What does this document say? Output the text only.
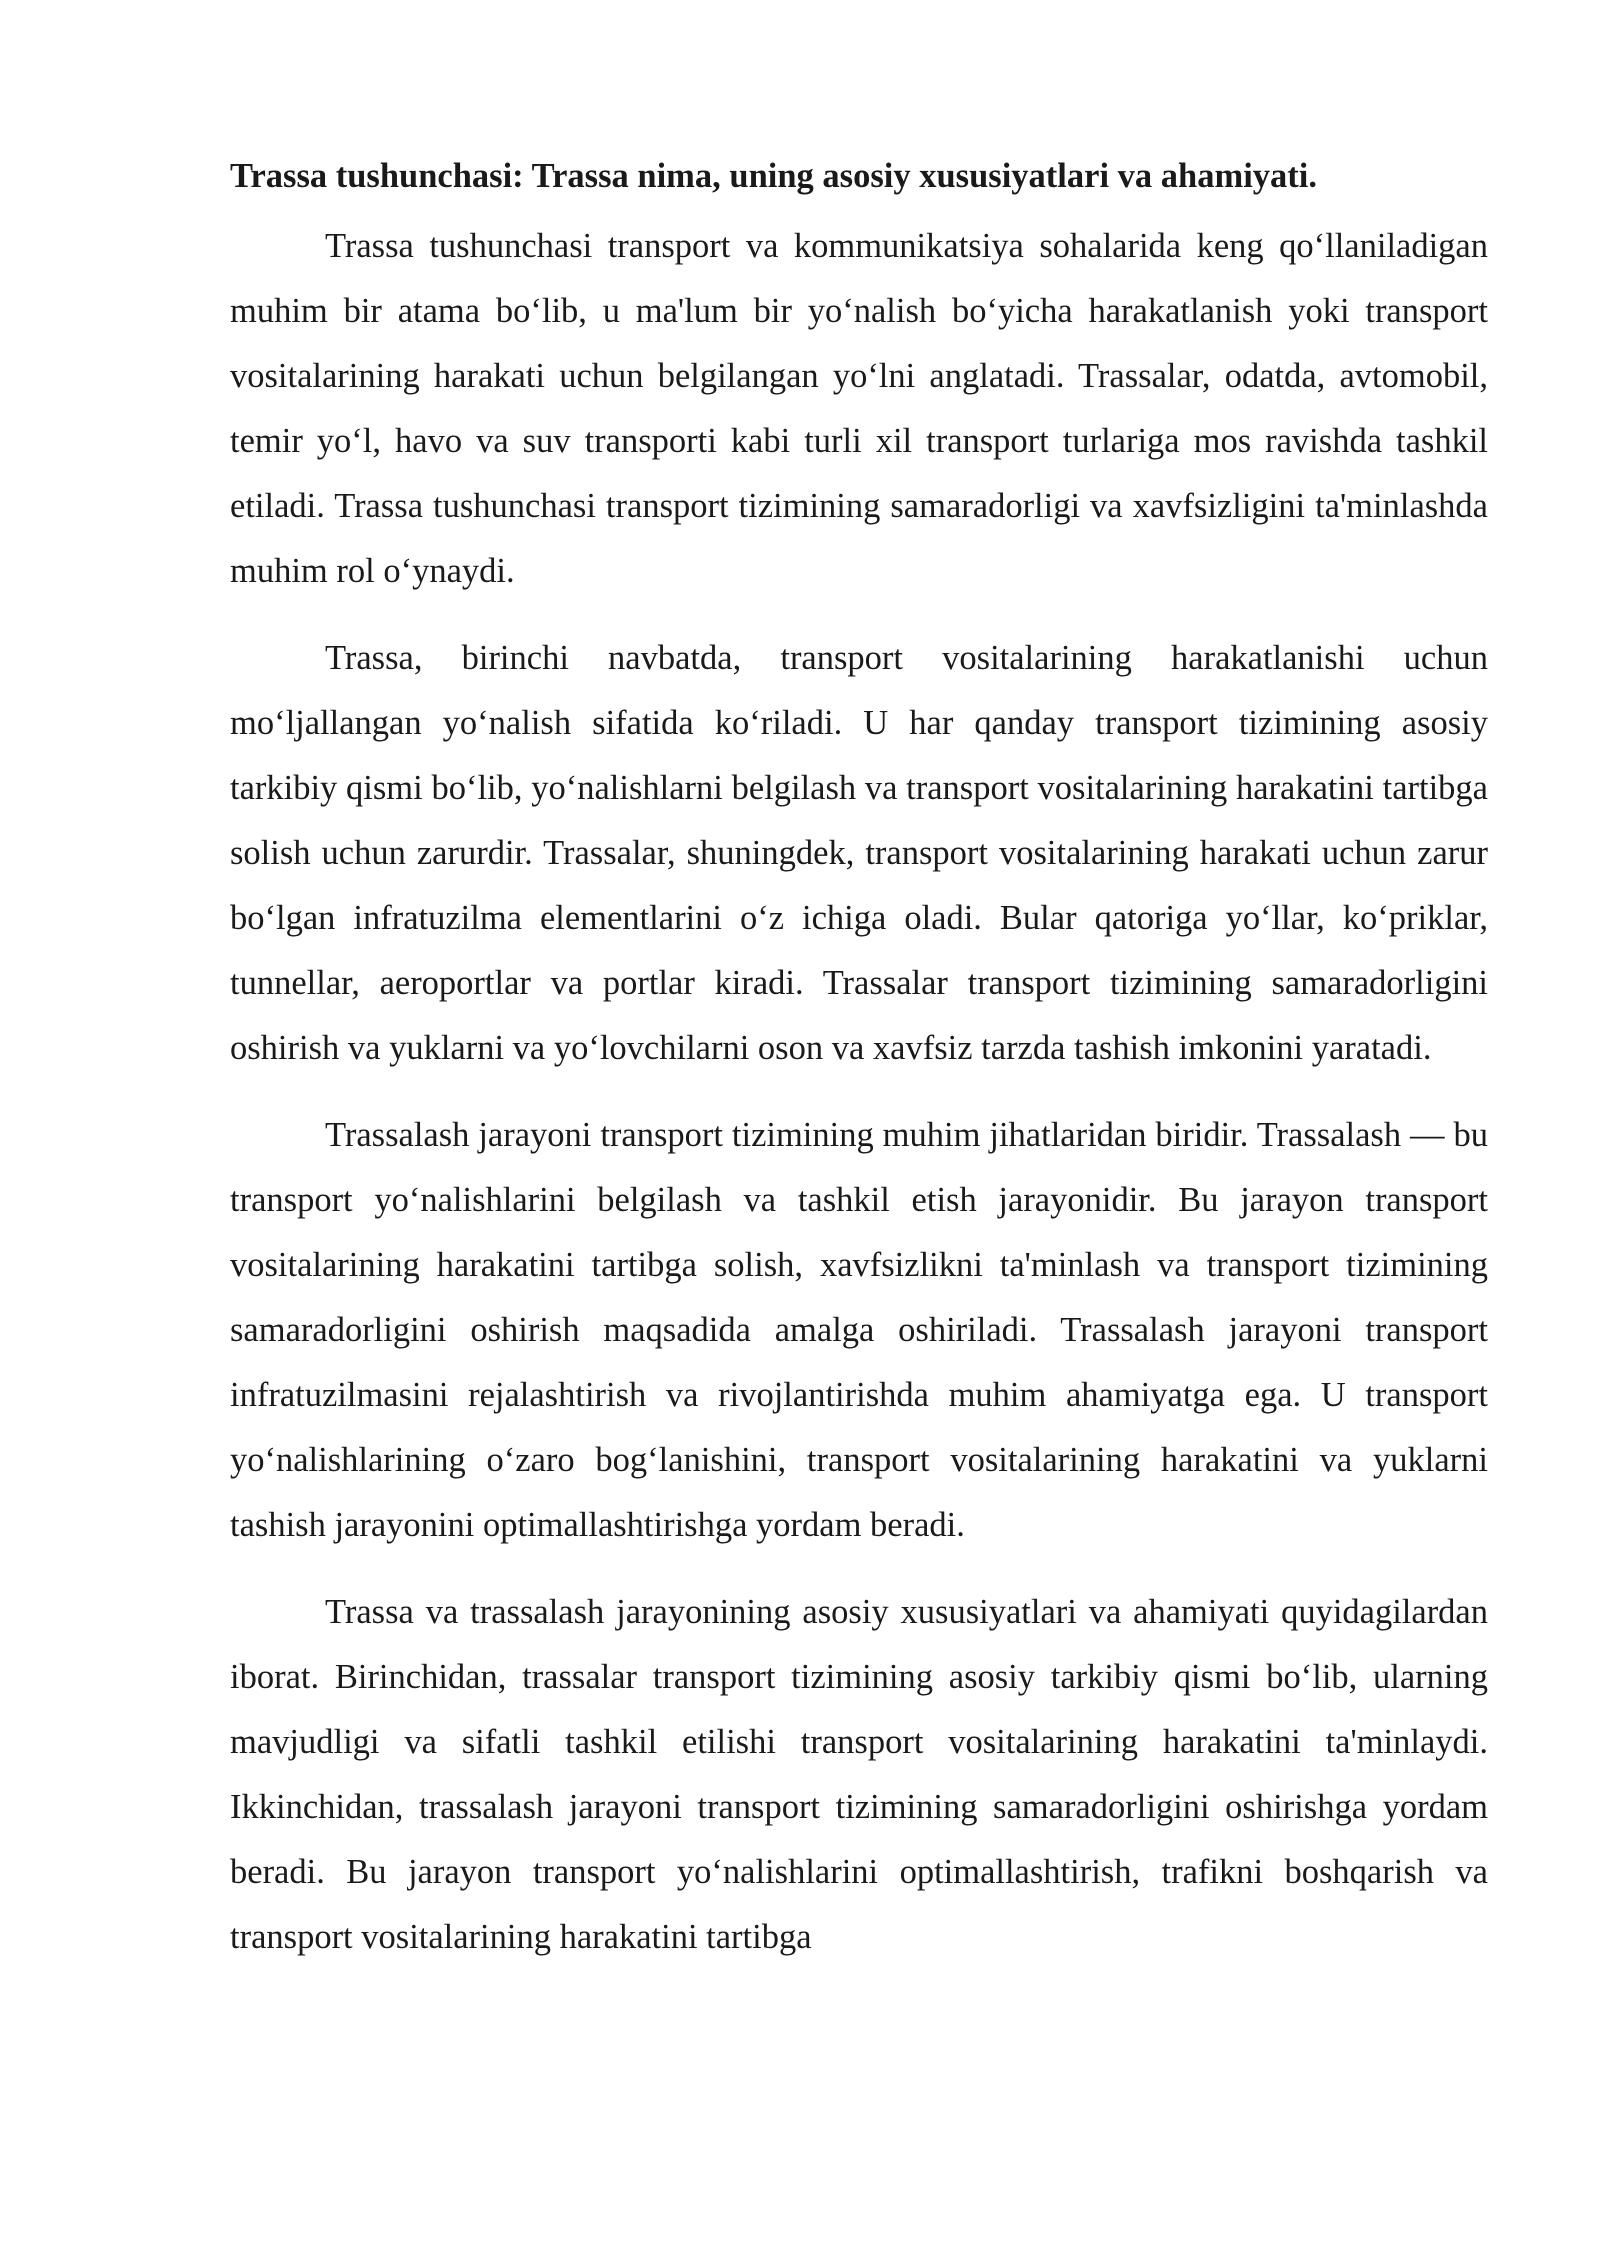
Trassa tushunchasi: Trassa nima, uning asosiy xususiyatlari va ahamiyati.

Trassa tushunchasi transport va kommunikatsiya sohalarida keng qo‘llaniladigan muhim bir atama bo‘lib, u ma'lum bir yo‘nalish bo‘yicha harakatlanish yoki transport vositalarining harakati uchun belgilangan yo‘lni anglatadi. Trassalar, odatda, avtomobil, temir yo‘l, havo va suv transporti kabi turli xil transport turlariga mos ravishda tashkil etiladi. Trassa tushunchasi transport tizimining samaradorligi va xavfsizligini ta'minlashda muhim rol o‘ynaydi.

Trassa, birinchi navbatda, transport vositalarining harakatlanishi uchun mo‘ljallangan yo‘nalish sifatida ko‘riladi. U har qanday transport tizimining asosiy tarkibiy qismi bo‘lib, yo‘nalishlarni belgilash va transport vositalarining harakatini tartibga solish uchun zarurdir. Trassalar, shuningdek, transport vositalarining harakati uchun zarur bo‘lgan infratuzilma elementlarini o‘z ichiga oladi. Bular qatoriga yo‘llar, ko‘priklar, tunnellar, aeroportlar va portlar kiradi. Trassalar transport tizimining samaradorligini oshirish va yuklarni va yo‘lovchilarni oson va xavfsiz tarzda tashish imkonini yaratadi.

Trassalash jarayoni transport tizimining muhim jihatlaridan biridir. Trassalash — bu transport yo‘nalishlarini belgilash va tashkil etish jarayonidir. Bu jarayon transport vositalarining harakatini tartibga solish, xavfsizlikni ta'minlash va transport tizimining samaradorligini oshirish maqsadida amalga oshiriladi. Trassalash jarayoni transport infratuzilmasini rejalashtirish va rivojlantirishda muhim ahamiyatga ega. U transport yo‘nalishlarining o‘zaro bog‘lanishini, transport vositalarining harakatini va yuklarni tashish jarayonini optimallashtirishga yordam beradi.

Trassa va trassalash jarayonining asosiy xususiyatlari va ahamiyati quyidagilardan iborat. Birinchidan, trassalar transport tizimining asosiy tarkibiy qismi bo‘lib, ularning mavjudligi va sifatli tashkil etilishi transport vositalarining harakatini ta'minlaydi. Ikkinchidan, trassalash jarayoni transport tizimining samaradorligini oshirishga yordam beradi. Bu jarayon transport yo‘nalishlarini optimallashtirish, trafikni boshqarish va transport vositalarining harakatini tartibga
